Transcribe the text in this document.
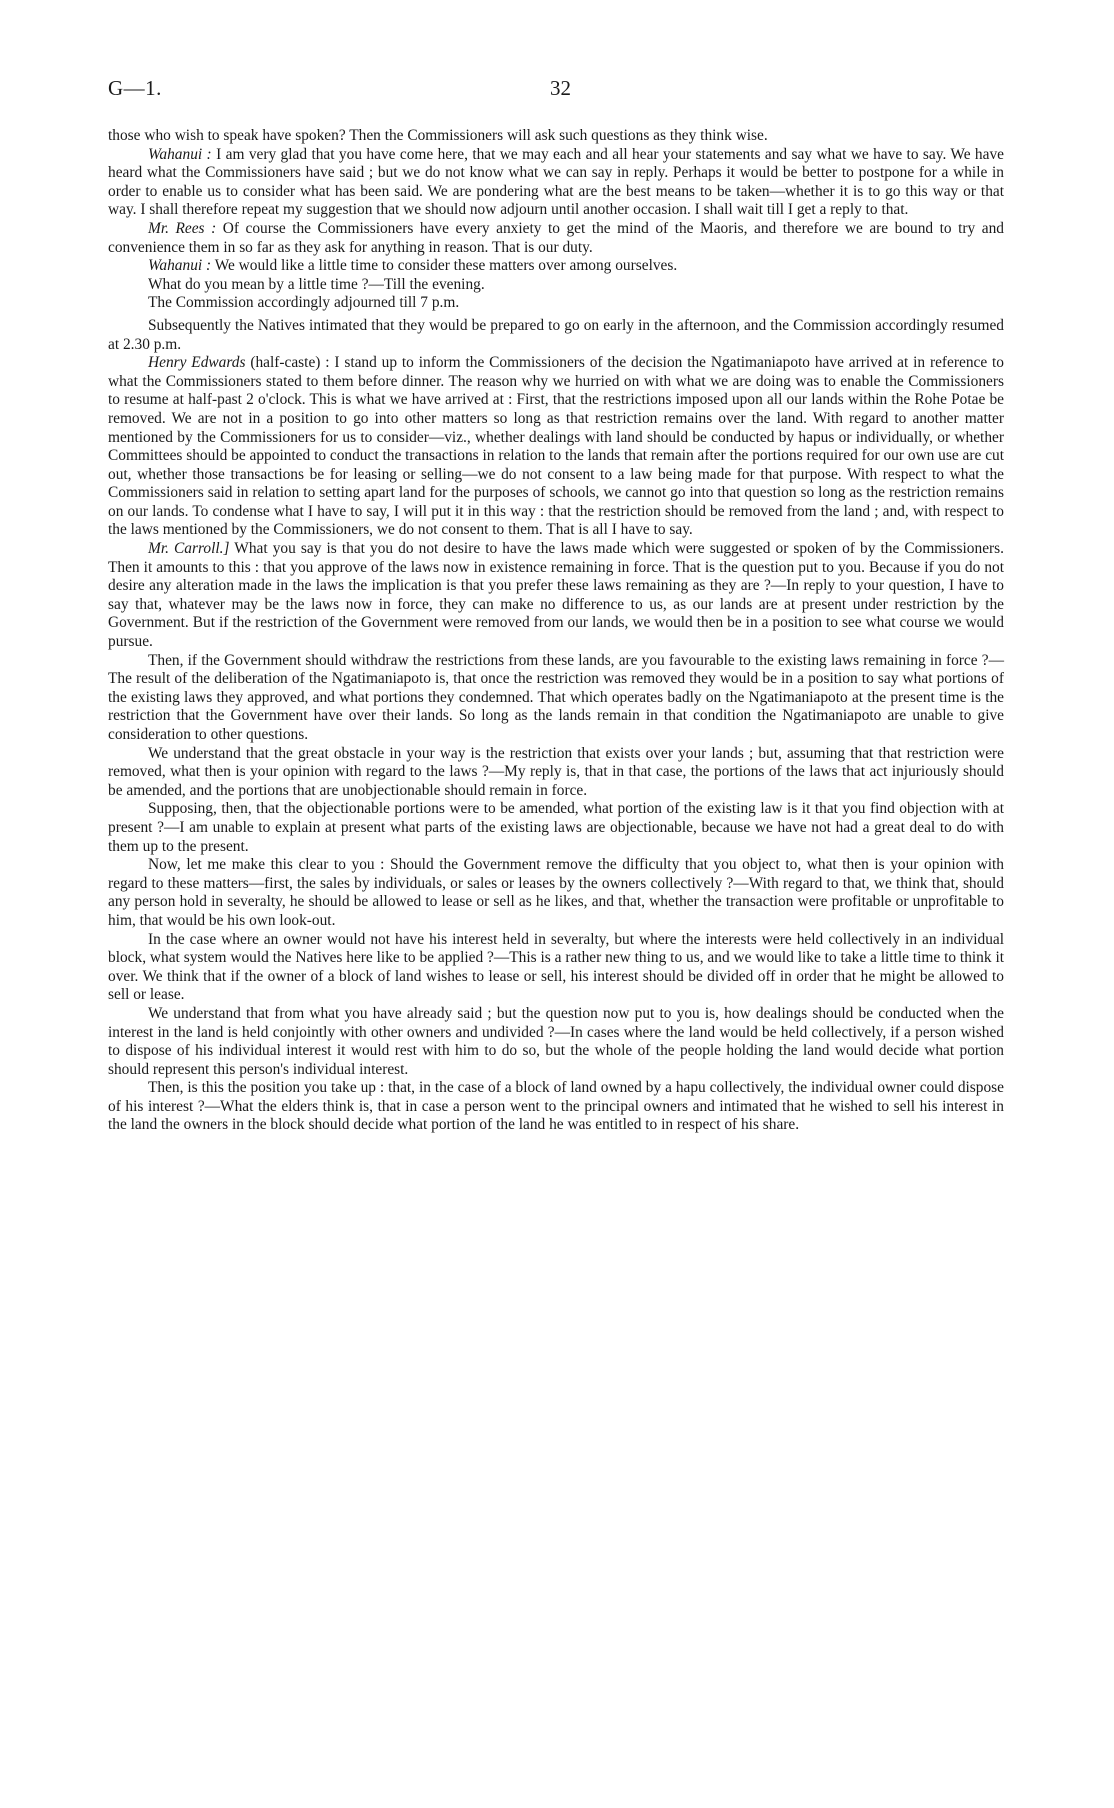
G—1.	32

those who wish to speak have spoken? Then the Commissioners will ask such questions as they think wise.

Wahanui : I am very glad that you have come here, that we may each and all hear your statements and say what we have to say. We have heard what the Commissioners have said ; but we do not know what we can say in reply. Perhaps it would be better to postpone for a while in order to enable us to consider what has been said. We are pondering what are the best means to be taken—whether it is to go this way or that way. I shall therefore repeat my suggestion that we should now adjourn until another occasion. I shall wait till I get a reply to that.

Mr. Rees : Of course the Commissioners have every anxiety to get the mind of the Maoris, and therefore we are bound to try and convenience them in so far as they ask for anything in reason. That is our duty.

Wahanui : We would like a little time to consider these matters over among ourselves.

What do you mean by a little time ?—Till the evening.

The Commission accordingly adjourned till 7 p.m.

Subsequently the Natives intimated that they would be prepared to go on early in the afternoon, and the Commission accordingly resumed at 2.30 p.m.

Henry Edwards (half-caste) : I stand up to inform the Commissioners of the decision the Ngatimaniapoto have arrived at in reference to what the Commissioners stated to them before dinner. The reason why we hurried on with what we are doing was to enable the Commissioners to resume at half-past 2 o'clock. This is what we have arrived at : First, that the restrictions imposed upon all our lands within the Rohe Potae be removed. We are not in a position to go into other matters so long as that restriction remains over the land. With regard to another matter mentioned by the Commissioners for us to consider—viz., whether dealings with land should be conducted by hapus or individually, or whether Committees should be appointed to conduct the transactions in relation to the lands that remain after the portions required for our own use are cut out, whether those transactions be for leasing or selling—we do not consent to a law being made for that purpose. With respect to what the Commissioners said in relation to setting apart land for the purposes of schools, we cannot go into that question so long as the restriction remains on our lands. To condense what I have to say, I will put it in this way : that the restriction should be removed from the land ; and, with respect to the laws mentioned by the Commissioners, we do not consent to them. That is all I have to say.

Mr. Carroll.] What you say is that you do not desire to have the laws made which were suggested or spoken of by the Commissioners. Then it amounts to this : that you approve of the laws now in existence remaining in force. That is the question put to you. Because if you do not desire any alteration made in the laws the implication is that you prefer these laws remaining as they are ?—In reply to your question, I have to say that, whatever may be the laws now in force, they can make no difference to us, as our lands are at present under restriction by the Government. But if the restriction of the Government were removed from our lands, we would then be in a position to see what course we would pursue.

Then, if the Government should withdraw the restrictions from these lands, are you favourable to the existing laws remaining in force ?—The result of the deliberation of the Ngatimaniapoto is, that once the restriction was removed they would be in a position to say what portions of the existing laws they approved, and what portions they condemned. That which operates badly on the Ngatimaniapoto at the present time is the restriction that the Government have over their lands. So long as the lands remain in that condition the Ngatimaniapoto are unable to give consideration to other questions.

We understand that the great obstacle in your way is the restriction that exists over your lands ; but, assuming that that restriction were removed, what then is your opinion with regard to the laws ?—My reply is, that in that case, the portions of the laws that act injuriously should be amended, and the portions that are unobjectionable should remain in force.

Supposing, then, that the objectionable portions were to be amended, what portion of the existing law is it that you find objection with at present ?—I am unable to explain at present what parts of the existing laws are objectionable, because we have not had a great deal to do with them up to the present.

Now, let me make this clear to you : Should the Government remove the difficulty that you object to, what then is your opinion with regard to these matters—first, the sales by individuals, or sales or leases by the owners collectively ?—With regard to that, we think that, should any person hold in severalty, he should be allowed to lease or sell as he likes, and that, whether the transaction were profitable or unprofitable to him, that would be his own look-out.

In the case where an owner would not have his interest held in severalty, but where the interests were held collectively in an individual block, what system would the Natives here like to be applied ?—This is a rather new thing to us, and we would like to take a little time to think it over. We think that if the owner of a block of land wishes to lease or sell, his interest should be divided off in order that he might be allowed to sell or lease.

We understand that from what you have already said ; but the question now put to you is, how dealings should be conducted when the interest in the land is held conjointly with other owners and undivided ?—In cases where the land would be held collectively, if a person wished to dispose of his individual interest it would rest with him to do so, but the whole of the people holding the land would decide what portion should represent this person's individual interest.

Then, is this the position you take up : that, in the case of a block of land owned by a hapu collectively, the individual owner could dispose of his interest ?—What the elders think is, that in case a person went to the principal owners and intimated that he wished to sell his interest in the land the owners in the block should decide what portion of the land he was entitled to in respect of his share.
